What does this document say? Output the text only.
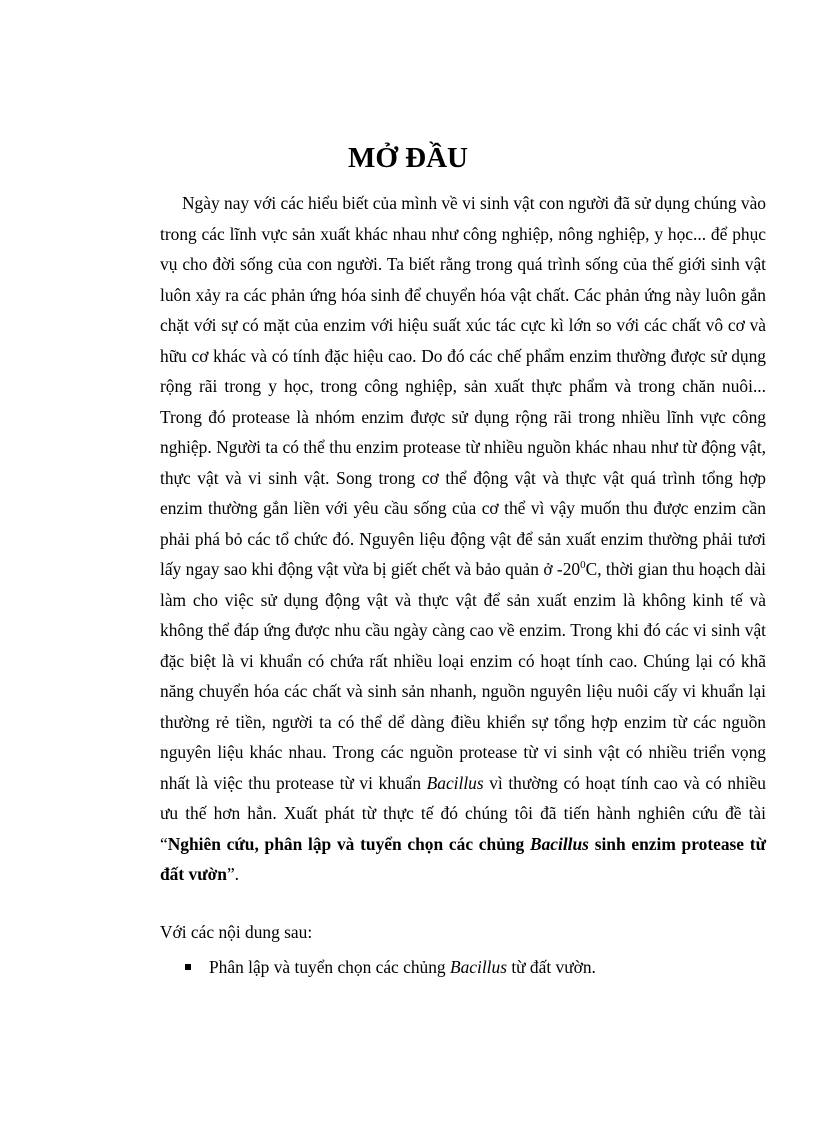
MỞ ĐẦU

Ngày nay với các hiểu biết của mình về vi sinh vật con người đã sử dụng chúng vào trong các lĩnh vực sản xuất khác nhau như công nghiệp, nông nghiệp, y học... để phục vụ cho đời sống của con người. Ta biết rằng trong quá trình sống của thế giới sinh vật luôn xảy ra các phản ứng hóa sinh để chuyển hóa vật chất. Các phản ứng này luôn gắn chặt với sự có mặt của enzim với hiệu suất xúc tác cực kì lớn so với các chất vô cơ và hữu cơ khác và có tính đặc hiệu cao. Do đó các chế phẩm enzim thường được sử dụng rộng rãi trong y học, trong công nghiệp, sản xuất thực phẩm và trong chăn nuôi... Trong đó protease là nhóm enzim được sử dụng rộng rãi trong nhiều lĩnh vực công nghiệp. Người ta có thể thu enzim protease từ nhiều nguồn khác nhau như từ động vật, thực vật và vi sinh vật. Song trong cơ thể động vật và thực vật quá trình tổng hợp enzim thường gắn liền với yêu cầu sống của cơ thể vì vậy muốn thu được enzim cần phải phá bỏ các tổ chức đó. Nguyên liệu động vật để sản xuất enzim thường phải tươi lấy ngay sao khi động vật vừa bị giết chết và bảo quản ở $-20^0C$, thời gian thu hoạch dài làm cho việc sử dụng động vật và thực vật để sản xuất enzim là không kinh tế và không thể đáp ứng được nhu cầu ngày càng cao về enzim. Trong khi đó các vi sinh vật đặc biệt là vi khuẩn có chứa rất nhiều loại enzim có hoạt tính cao. Chúng lại có khã năng chuyển hóa các chất và sinh sản nhanh, nguồn nguyên liệu nuôi cấy vi khuẩn lại thường rẻ tiền, người ta có thể dể dàng điều khiển sự tổng hợp enzim từ các nguồn nguyên liệu khác nhau. Trong các nguồn protease từ vi sinh vật có nhiều triển vọng nhất là việc thu protease từ vi khuẩn Bacillus vì thường có hoạt tính cao và có nhiều ưu thế hơn hẳn. Xuất phát từ thực tế đó chúng tôi đã tiến hành nghiên cứu đề tài “Nghiên cứu, phân lập và tuyển chọn các chủng Bacillus sinh enzim protease từ đất vườn”.

Với các nội dung sau:

Phân lập và tuyển chọn các chủng Bacillus từ đất vườn.
